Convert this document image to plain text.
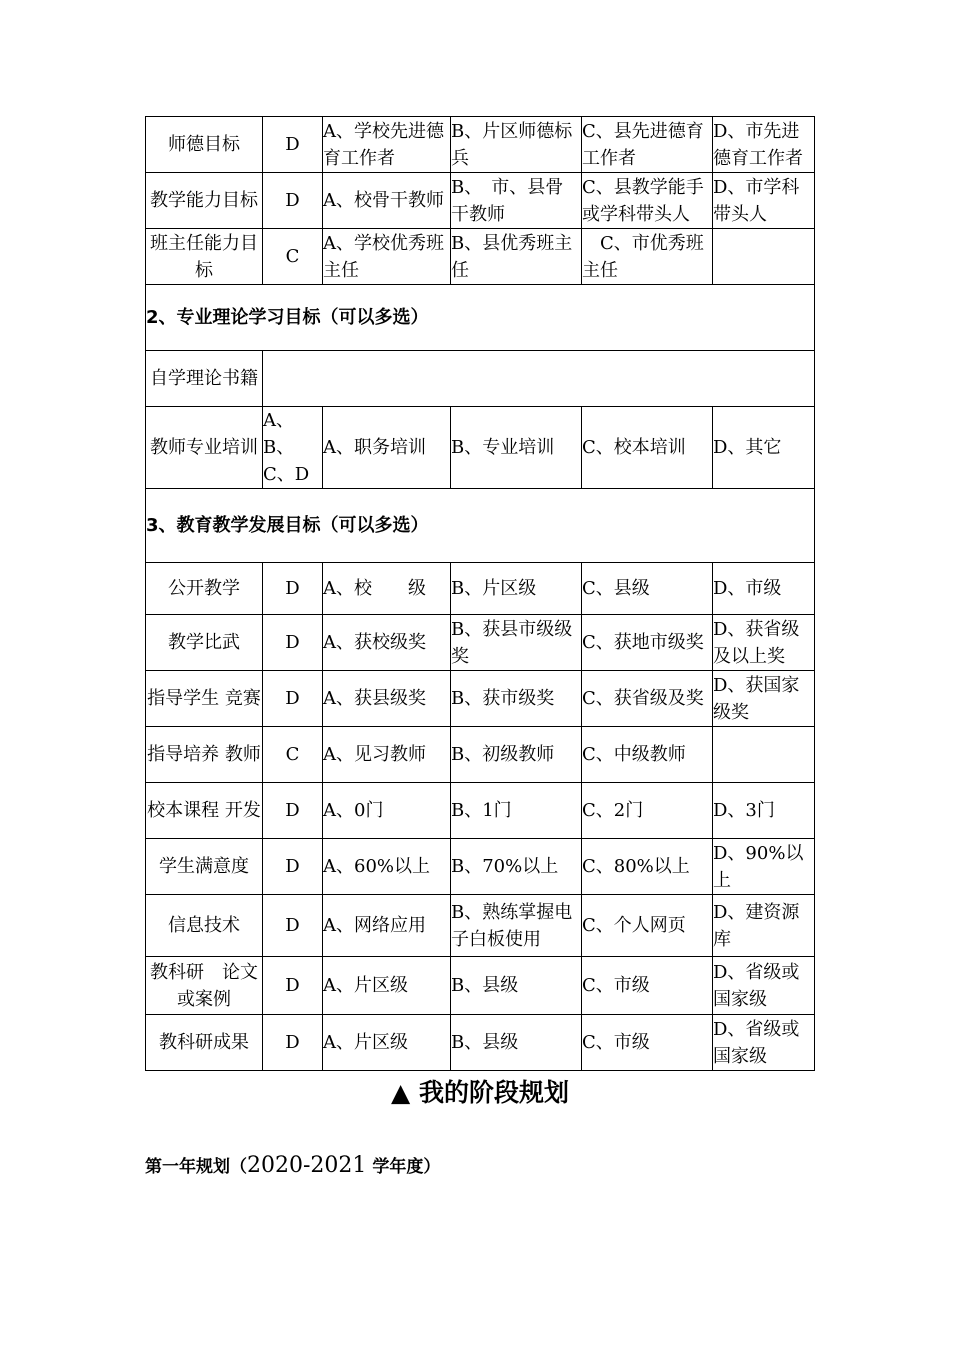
师德目标	D	A、学校先进德育工作者	B、片区师德标兵	C、县先进德育工作者	D、市先进德育工作者
教学能力目标	D	A、校骨干教师	B、　市、县骨干教师	C、县教学能手或学科带头人	D、市学科带头人
班主任能力目标	C	A、学校优秀班主任	B、县优秀班主任	　C、市优秀班主任	
2、专业理论学习目标（可以多选）					
自学理论书籍					
教师专业培训	A、B、C、D	A、职务培训	B、专业培训	C、校本培训	D、其它
3、教育教学发展目标（可以多选）					
公开教学	D	A、校　　级	B、片区级	C、县级	D、市级
教学比武	D	A、获校级奖	B、获县市级级奖	C、获地市级奖	D、获省级及以上奖
指导学生 竞赛	D	A、获县级奖	B、获市级奖	C、获省级及奖	D、获国家级奖
指导培养 教师	C	A、见习教师	B、初级教师	C、中级教师	
校本课程 开发	D	A、0门	B、1门	C、2门	D、3门
学生满意度	D	A、60%以上	B、70%以上	C、80%以上	D、90%以上
信息技术	D	A、网络应用	B、熟练掌握电子白板使用	C、个人网页	D、建资源库
教科研　论文或案例	D	A、片区级	B、县级	C、市级	D、省级或国家级
教科研成果	D	A、片区级	B、县级	C、市级	D、省级或国家级
▲ 我的阶段规划
第一年规划（2020-2021 学年度）
